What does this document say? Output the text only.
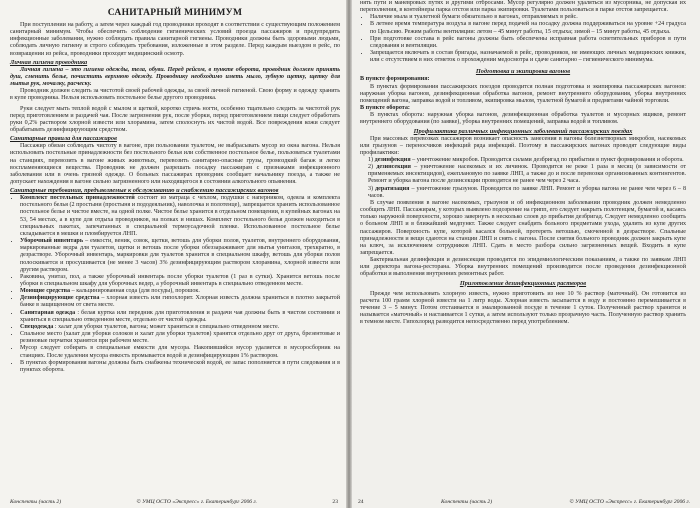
САНИТАРНЫЙ МИНИМУМ

При поступлении на работу, а затем через каждый год проводники проходят в соответствии с существующим положением санитарный минимум. Чтобы обеспечить соблюдение гигиенических условий проезда пассажиров и предупредить инфекционные заболевания, нужно соблюдать правила санитарной гигиены. Проводники должны быть здоровыми людьми, соблюдать личную гигиену и строго соблюдать требования, изложенные в этом разделе. Перед каждым выездом в рейс, по возвращении из рейса, проводники проходят медицинский осмотр.

Личная гигиена проводника

Личная гигиена – это гигиена одежды, тела, обуви. Перед рейсом, в пункте оборота, проводник должен принять душ, сменить белье, почистить верхнюю одежду. Проводнику необходимо иметь мыло, зубную щетку, щетку для мытья рук, мочалку, расческу.

Проводник должен следить за чистотой своей рабочей одежды, за своей личной гигиеной. Свою форму и одежду хранить в купе проводника. Нельзя использовать постельное белье другого проводника.

Руки следует мыть теплой водой с мылом и щеткой, коротко стричь ногти, особенно тщательно следить за чистотой рук перед приготовлением и раздачей чая. После загрязнения рук, после уборки, перед приготовлением пищи следует обработать руки 0,2% раствором хлорной извести или хлорамина, затем сполоснуть их чистой водой. Все повреждения кожи следует обрабатывать дезинфицирующим средством.

Санитарные правила для пассажиров

Пассажир обязан соблюдать чистоту в вагоне, при пользовании туалетом, не выбрасывать мусор из окна вагона. Нельзя использовать постельные принадлежности без постельного белья или собственное постельное белье, пользоваться туалетами на станциях, перевозить в вагоне живых животных, перевозить санитарно-опасные грузы, громоздкий багаж и легко воспламеняющиеся вещества. Проводник не должен разрешать посадку пассажирам с признаками инфекционного заболевания или в очень грязной одежде. О больных пассажирах проводник сообщает начальнику поезда, а также не допускает нахождения в вагоне сильно загрязненного или находящегося в состоянии алкогольного опьянения.

Санитарные требования, предъявляемые к обслуживанию и снабжению пассажирских вагонов

• Комплект постельных принадлежностей состоит из матраца с чехлом, подушки с наперником, одеяла и комплекта постельного белья (2 простыни (простыня и пододеяльник), наволочка и полотенце), запрещается хранить использованное постельное белье и чистое вместе, на одной полке. Чистое белье хранится в отдельном помещении, в купейных вагонах на 53, 54 местах, а в купе для отдыха проводников, на полках и нишах. Комплект постельного белья должен находиться в специальных пакетах, запечатанных в специальной термоусадочной пленке. Использованное постельное белье складывается в мешки и пломбируется ЛНП.
• Уборочный инвентарь – емкости, веник, совок, щетки, ветошь для уборки полов, туалетов, внутреннего оборудования, маркированные ведра для туалетов, щетки и ветошь после уборки обеззараживают для мытья унитазов, трехкратно, в дезрастворе. Уборочный инвентарь, маркировки для туалетов хранится в специальном шкафу, ветошь для уборки полов полоскивается и просушивается (не менее 3 часов) 3% дезинфицирующим раствором хлорамина, хлорной извести или другим раствором.
• Раковина, унитаз, пол, а также уборочный инвентарь после уборки туалетов (1 раз в сутки). Хранится ветошь после уборки в специальном шкафу для уборочных ведер, а уборочный инвентарь в специально отведенном месте.
• Моющие средства – кальцинированная сода (для посуды), порошок.
• Дезинфицирующие средства – хлорная известь или гипохлорит. Хлорная известь должна храниться в плотно закрытой банке в защищенном от света месте.
• Санитарная одежда : белая куртка или передник для приготовления и раздачи чая должны быть в чистом состоянии и храниться в специально отведенном месте, отдельно от чистой одежды.
• Спецодежда : халат для уборки туалетов, вагона; может храниться в специально отведенном месте.
• Спальное место (халат для уборки солоков и халат для уборки туалетов) хранятся отдельно друг от друга, брезентовые и резиновые перчатки хранятся при рабочем месте.
• Мусор следует собирать в специальные емкости для мусора. Накопившийся мусор удаляется в мусоросборник на станциях. После удаления мусора емкость промывается водой и дезинфицирующим 1% раствором.
• В пунктах формирования вагоны должны быть снабжены технической водой, ее запас пополняется в пути следования и в пунктах оборота.
Конспекты (часть 2)	© УМЦ ОСТО «Экспресс» г. Екатеринбург 2006 г.	23

нять пути и маневровых путях и другими отбросами. Мусор регулярно должен удаляться из мусорника, не допуская их переполнения, в контейнеры парка отстоя или парка экипировки. Туалетами пользоваться в парке отстоя запрещается.

• Наличие мыла и туалетной бумаги обязательно в вагонах, отправляемых в рейс.
• В летнее время температура воздуха в вагоне перед подачей на посадку должна поддерживаться на уровне +24 градуса по Цельсию. Режим работы вентиляции: летом – 45 минут работы, 15 отдыха; зимой – 15 минут работы, 45 отдыха.
• При подготовке состава в рейс вагоны должны быть обеспечены исправная работа осветительных приборов в пути следования и вентиляции.
• Запрещается включать в состав бригады, назначаемой в рейс, проводников, не имеющих личных медицинских книжек, или с отсутствием в них отметок о прохождении медосмотра и сдаче санитарно – гигиенического минимума.

Подготовка и экипировка вагонов

В пункте формирования:

В пунктах формирования пассажирских поездов проводится полная подготовка и экипировка пассажирских вагонов: наружная уборка вагонов, дезинфекционная обработка вагонов, ремонт внутреннего оборудования, уборка внутренних помещений вагона, заправка водой и топливом, экипировка мылом, туалетной бумагой и предметами чайной торговли.

В пункте оборота:

В пунктах оборота: наружная уборка вагонов, дезинфекционная обработка туалетов и мусорных ящиков, ремонт внутреннего оборудования (по заявке), уборка внутренних помещений, заправка водой и топливом.

Профилактика различных инфекционных заболеваний пассажирских поездах

При массовых перевозках пассажиров возникает опасность занесения в вагоны болезнетворных микробов, насекомых или грызунов – переносчиков инфекций ряда инфекций. Поэтому в пассажирских вагонах проводят следующие виды профилактики:

1) дезинфекция – уничтожение микробов. Проводится силами дезбригад по прибытии в пункт формирования и оборота.

2) дезинсекция – уничтожение насекомых и их личинок. Проводится не реже 1 раза в месяц (в зависимости от применяемых инсектицидов), ежеплановую по заявке ЛНП, а также до и после перевозки организованных контингентов. Ремонт и уборка вагона после дезинсекции проводятся не ранее чем через 2 часа.

3) дератизация – уничтожение грызунов. Проводится по заявке ЛНП. Ремонт и уборка вагона не ранее чем через 6 – 8 часов.

В случае появления в вагоне насекомых, грызунов и об инфекционном заболевании проводник должен немедленно сообщить ЛНП. Пассажирам, у которых выявлено подозрение на грипп, его следует накрыть полотенцем, бумагой и, касаясь только наружной поверхности, хорошо завернуть в несколько слоев до прибытия дезбригад. Следует немедленно сообщить о больном ЛНП и в ближайший медпункт. Также следует снабдить больного предметами ухода, удалить из купе других пассажиров. Поверхность купе, которой касался больной, протереть ветошью, смоченной в дезрастворе. Спальные принадлежности и вещи сдаются на станции ЛНП и снять с вагона. После снятия больного проводник должен закрыть купе на ключ, за исключением сотрудников ЛНП. Сдать в место разбора сильно загрязненных вещей. Входить в купе запрещается.

Бактериальная дезинфекция и дезинсекция проводятся по эпидемиологическим показаниям, а также по заявкам ЛНП или директора вагона-ресторана. Уборка внутренних помещений производится после проведения дезинфекционной обработки и выполнения внутренних ремонтных работ.

Приготовление дезинфекционных растворов

Прежде чем использовать хлорную известь, нужно приготовить из нее 10 % раствор (маточный). Он готовится из расчета 100 грамм хлорной извести на 1 литр воды. Хлорная известь засыпается в воду и постоянно перемешивается в течение 3 – 5 минут. Потом отстаивается в эмалированной посуде в течение 1 суток. Полученный раствор хранится и называется «маточный» и настаивается 1 сутки, а затем используют только прозрачную часть. Полученную раствор хранить в темном месте. Гипохлорид разводится непосредственно перед употреблением.

24	Конспекты (часть 2)	© УМЦ ОСТО «Экспресс» г. Екатеринбург 2006 г.
